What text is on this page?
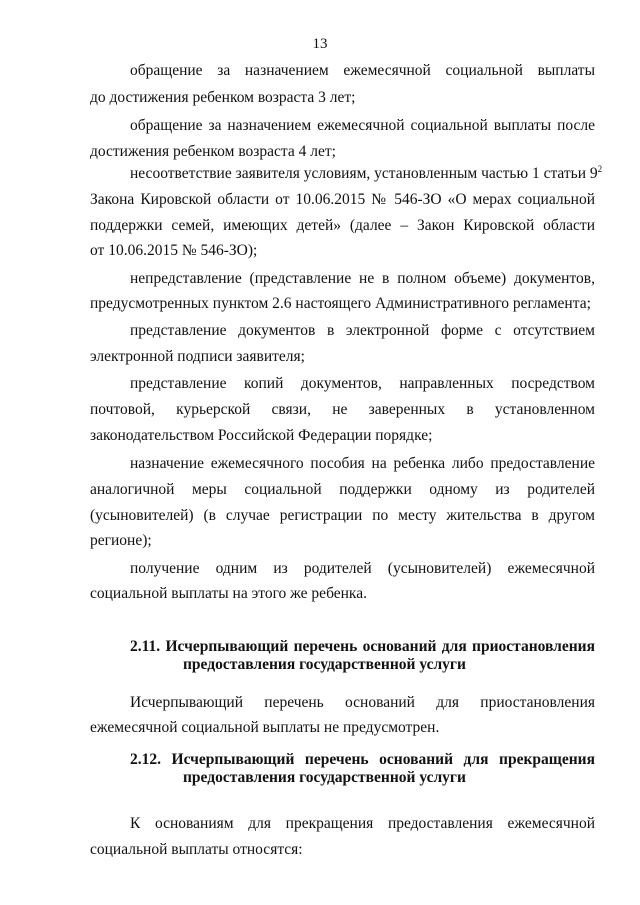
13
обращение за назначением ежемесячной социальной выплаты
до достижения ребенком возраста 3 лет;
обращение за назначением ежемесячной социальной выплаты после
достижения ребенком возраста 4 лет;
несоответствие заявителя условиям, установленным частью 1 статьи $9^2$
Закона Кировской области от 10.06.2015 № 546-ЗО «О мерах социальной
поддержки семей, имеющих детей» (далее – Закон Кировской области
от 10.06.2015 № 546-ЗО);
непредставление (представление не в полном объеме) документов,
предусмотренных пунктом 2.6 настоящего Административного регламента;
представление документов в электронной форме с отсутствием
электронной подписи заявителя;
представление копий документов, направленных посредством
почтовой, курьерской связи, не заверенных в установленном
законодательством Российской Федерации порядке;
назначение ежемесячного пособия на ребенка либо предоставление
аналогичной меры социальной поддержки одному из родителей
(усыновителей) (в случае регистрации по месту жительства в другом
регионе);
получение одним из родителей (усыновителей) ежемесячной
социальной выплаты на этого же ребенка.
2.11. Исчерпывающий перечень оснований для приостановления
предоставления государственной услуги
Исчерпывающий перечень оснований для приостановления
ежемесячной социальной выплаты не предусмотрен.
2.12. Исчерпывающий перечень оснований для прекращения
предоставления государственной услуги
К основаниям для прекращения предоставления ежемесячной
социальной выплаты относятся:
